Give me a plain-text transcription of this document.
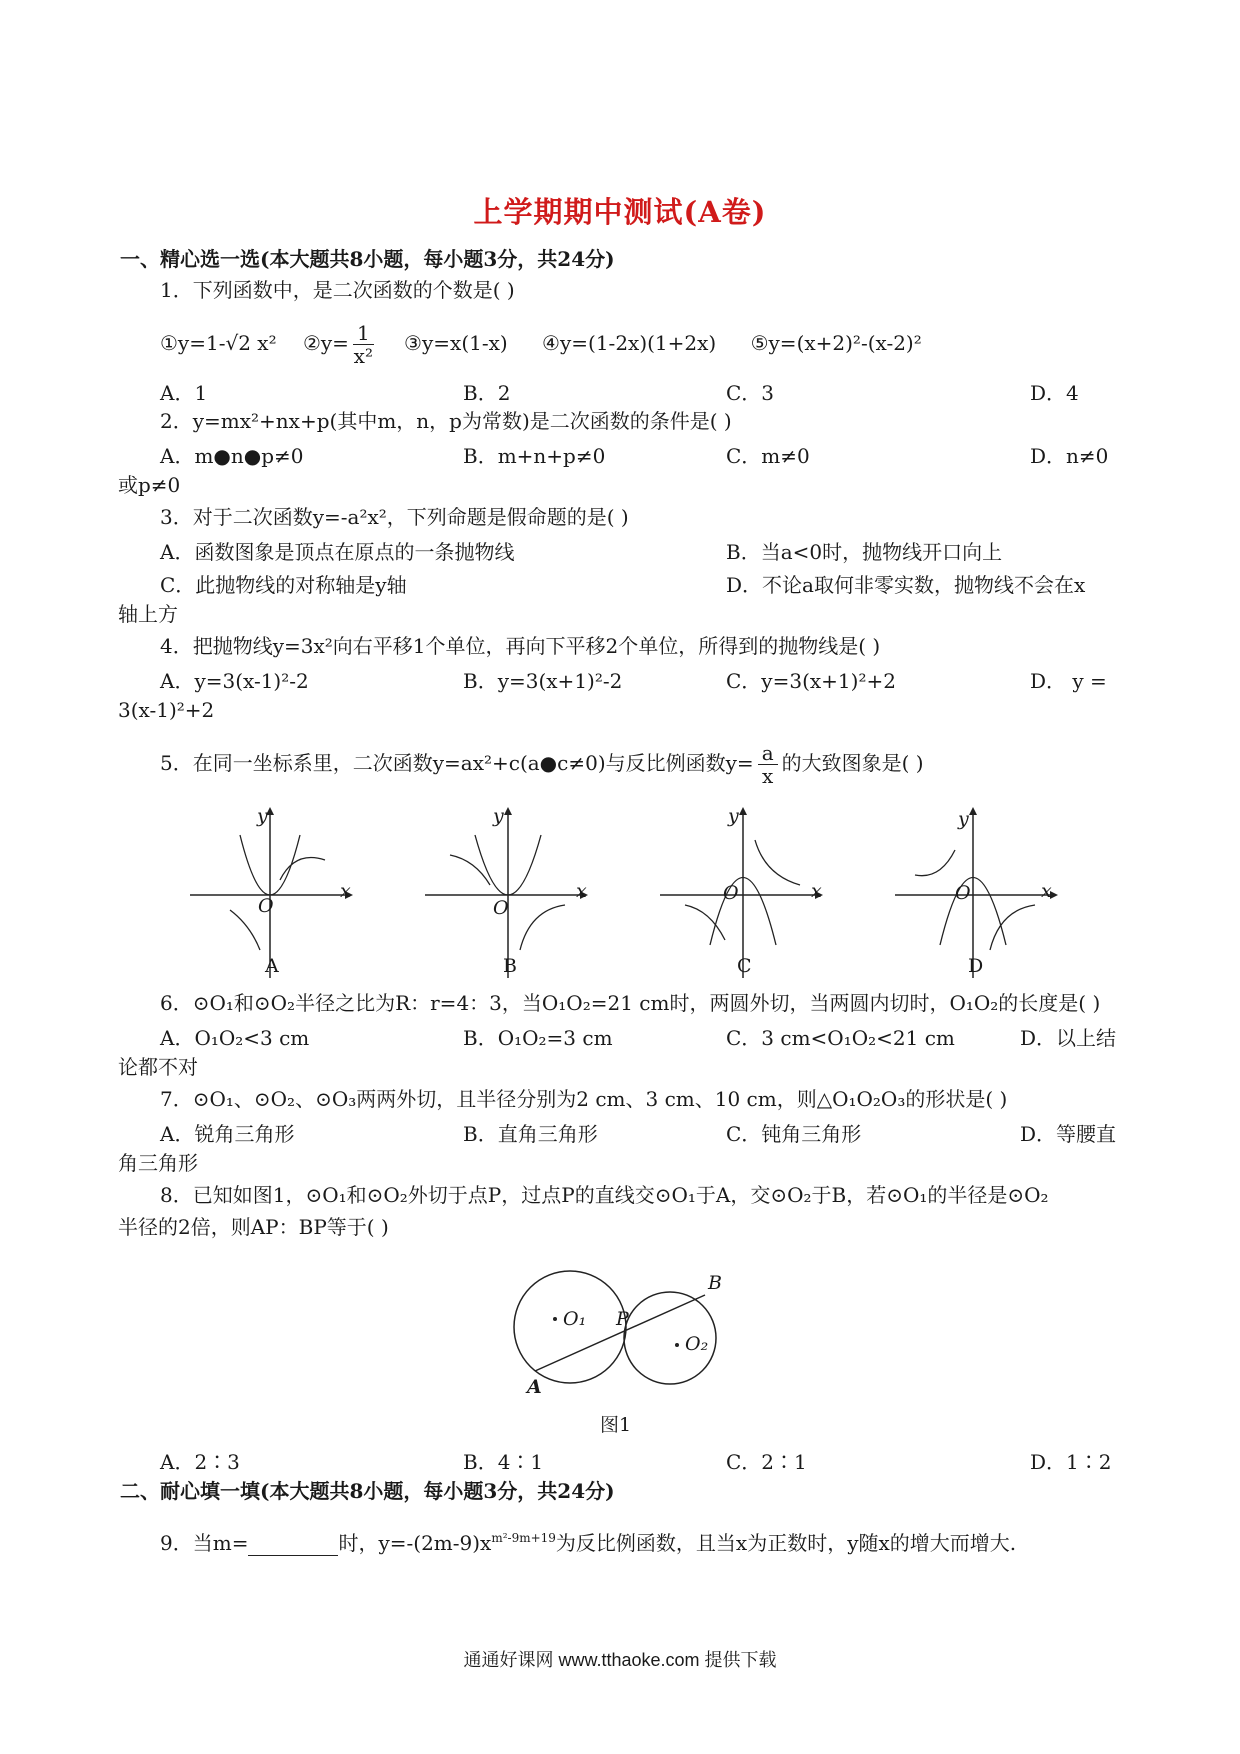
上学期期中测试(A卷)
一、精心选一选(本大题共8小题，每小题3分，共24分)
1．下列函数中，是二次函数的个数是( )
①y=1-√2 x² ②y= $\frac{1}{\text{x²}}$ ③y=x(1-x) ④y=(1-2x)(1+2x) ⑤y=(x+2)²-(x-2)²
A．1	B．2	C．3	D．4
2．y=mx²+nx+p(其中m，n，p为常数)是二次函数的条件是( )
A．m●n●p≠0	B．m+n+p≠0	C．m≠0	D．n≠0
或p≠0
3．对于二次函数y=-a²x²，下列命题是假命题的是( )
A．函数图象是顶点在原点的一条抛物线	B．当a<0时，抛物线开口向上
C．此抛物线的对称轴是y轴	D．不论a取何非零实数，抛物线不会在x
轴上方
4．把抛物线y=3x²向右平移1个单位，再向下平移2个单位，所得到的抛物线是( )
A．y=3(x-1)²-2	B．y=3(x+1)²-2	C．y=3(x+1)²+2	D． y =
3(x-1)²+2
5．在同一坐标系里，二次函数y=ax²+c(a●c≠0)与反比例函数$y= \frac{a}{x}$ 的大致图象是( )
y
x
O
A
y
x
O
B
y
x
O
C
y
x
O
D
6．⊙O₁和⊙O₂半径之比为R：r=4：3，当O₁O₂=21 cm时，两圆外切，当两圆内切时，O₁O₂的长度是( )
A．O₁O₂<3 cm	B．O₁O₂=3 cm	C．3 cm<O₁O₂<21 cm	D．以上结
论都不对
7．⊙O₁、⊙O₂、⊙O₃两两外切，且半径分别为2 cm、3 cm、10 cm，则△O₁O₂O₃的形状是( )
A．锐角三角形	B．直角三角形	C．钝角三角形	D．等腰直
角三角形
8．已知如图1，⊙O₁和⊙O₂外切于点P，过点P的直线交⊙O₁于A，交⊙O₂于B，若⊙O₁的半径是⊙O₂
半径的2倍，则AP：BP等于( )
O₁
O₂
P
A
B
图1
A．2∶3	B．4∶1	C．2∶1	D．1∶2
二、耐心填一填(本大题共8小题，每小题3分，共24分)
9．当m=	时，$y=-(2m-9)x^{m^2-9m+19}$为反比例函数，且当x为正数时，y随x的增大而增大.
通通好课网 www.tthaoke.com 提供下载
